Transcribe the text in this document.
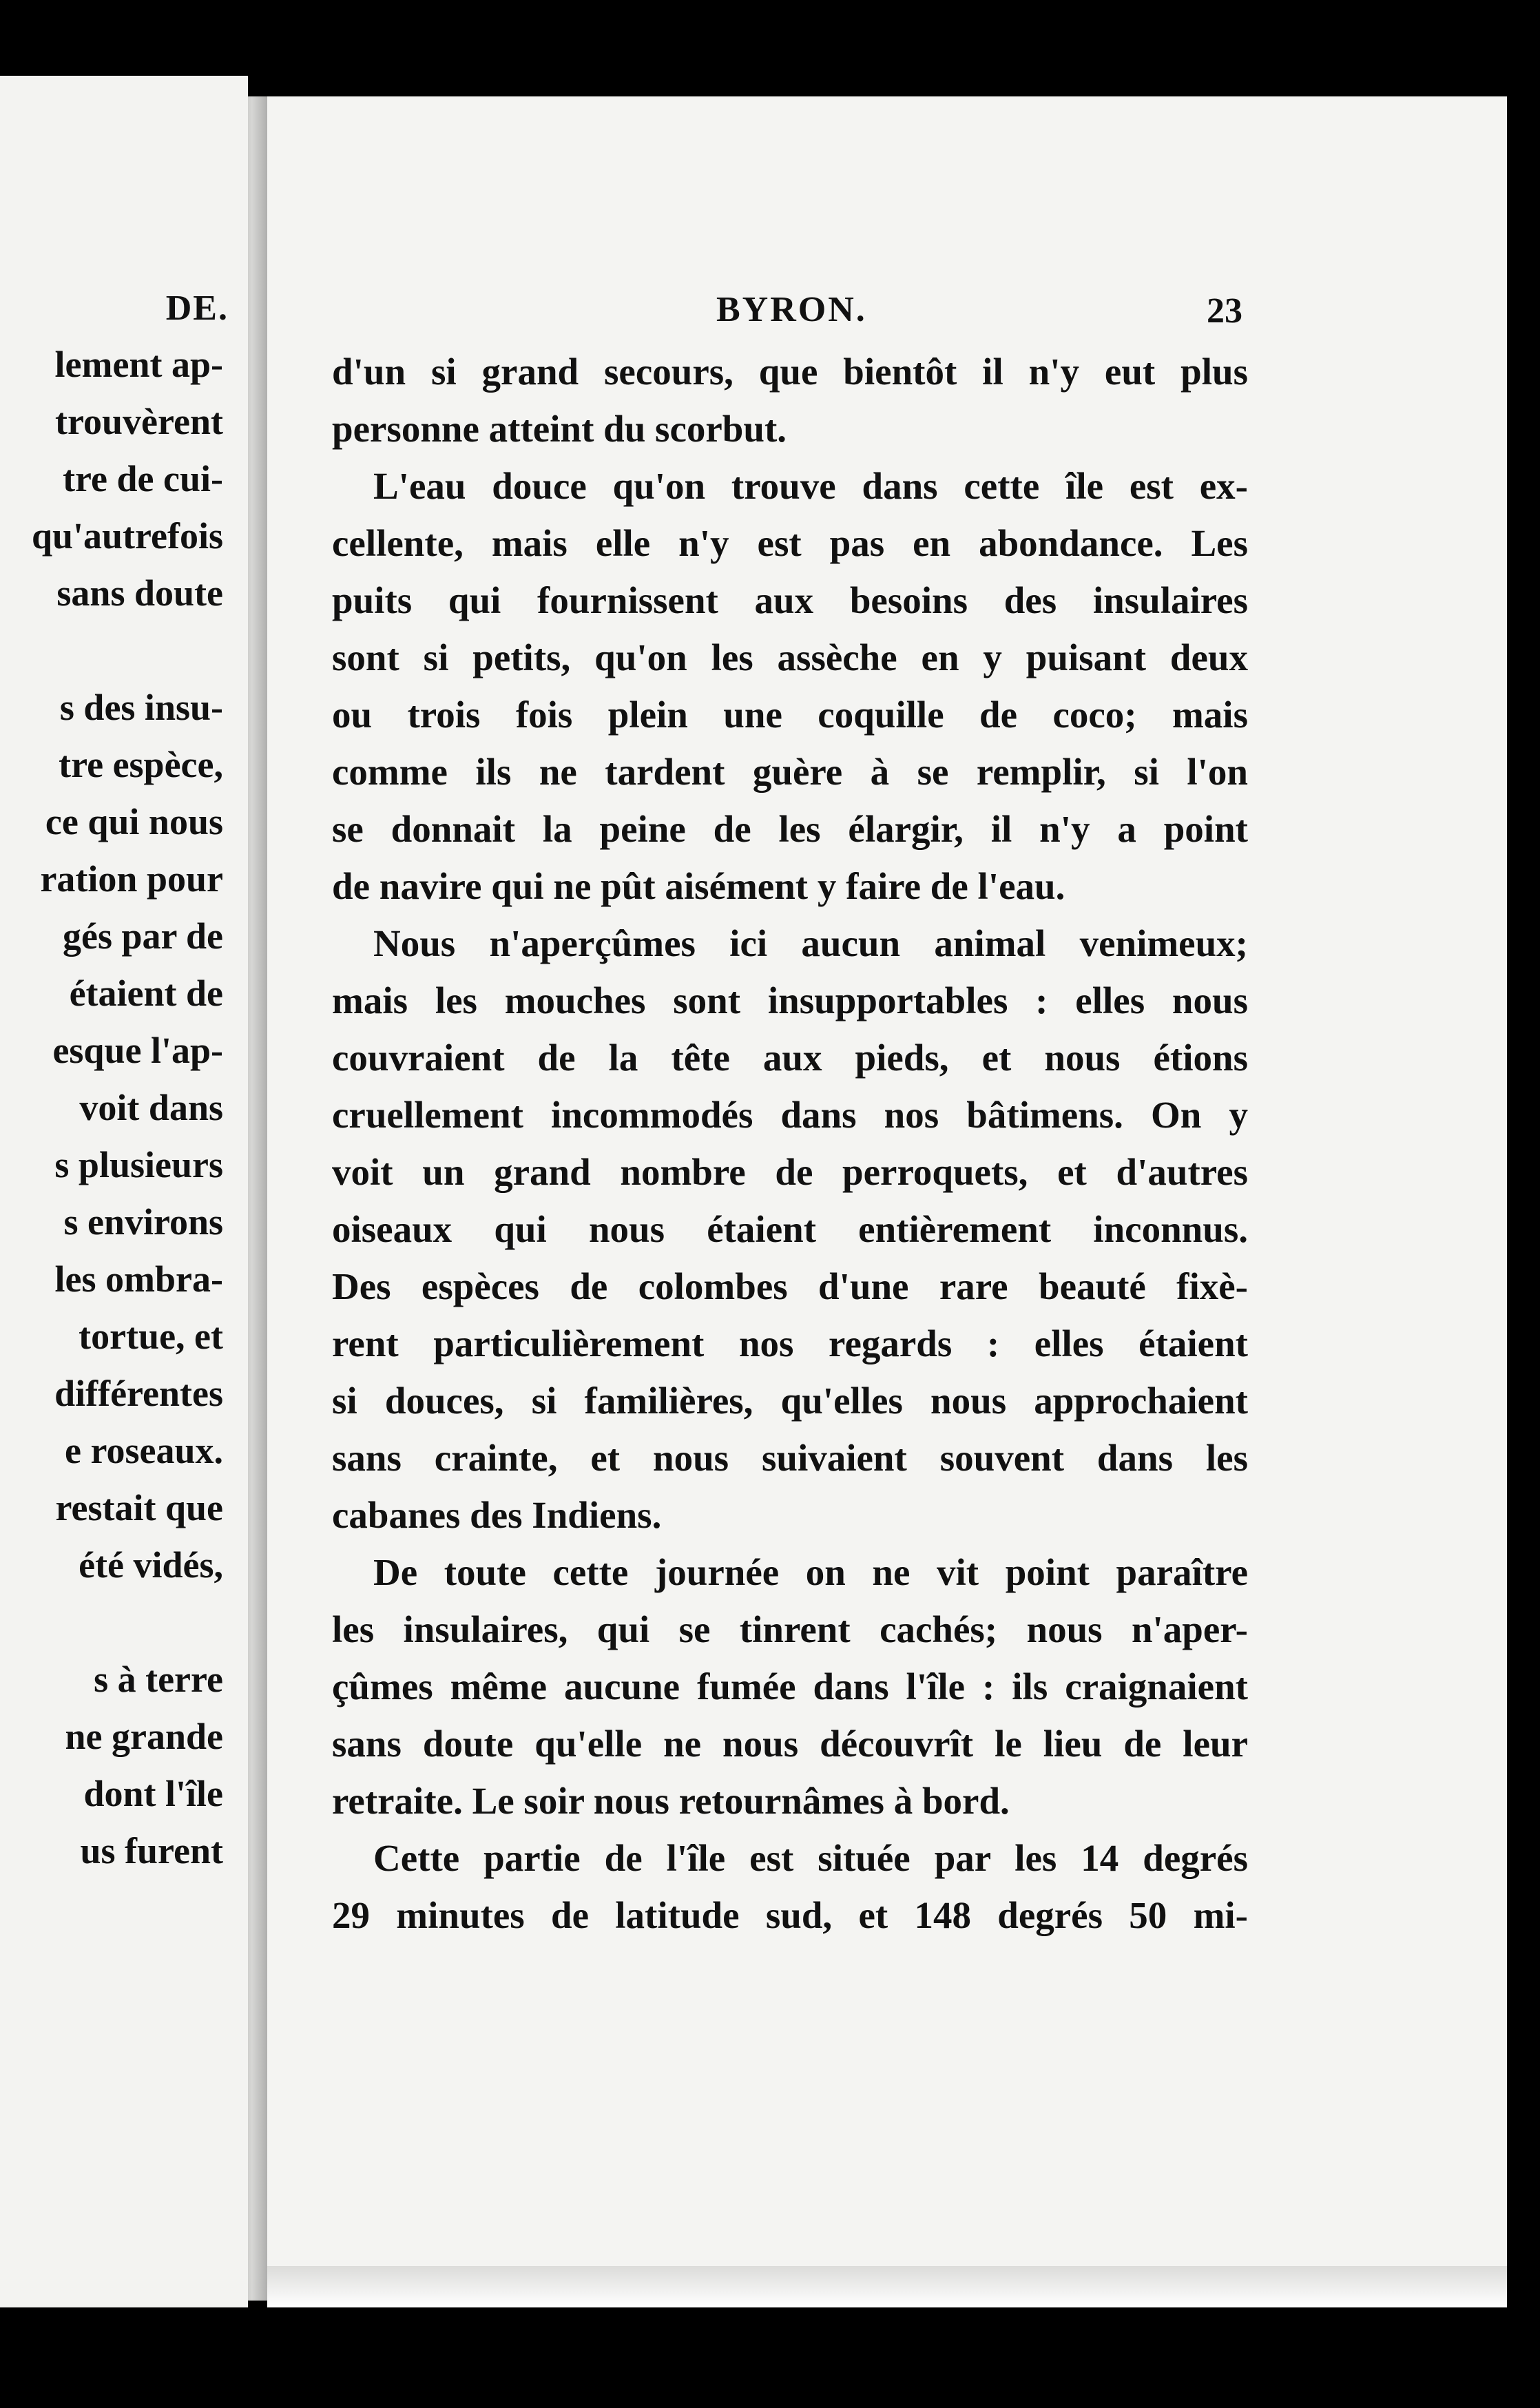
DE.
lement ap-
trouvèrent
tre de cui-
qu'autrefois
sans doute

s des insu-
tre espèce,
ce qui nous
ration pour
gés par de
étaient de
esque l'ap-
voit dans
s plusieurs
s environs
les ombra-
tortue, et
différentes
e roseaux.
restait que
été vidés,

s à terre
ne grande
dont l'île
us furent
BYRON.	23
d'un si grand secours, que bientôt il n'y eut plus
personne atteint du scorbut.
L'eau douce qu'on trouve dans cette île est ex-
cellente, mais elle n'y est pas en abondance. Les
puits qui fournissent aux besoins des insulaires
sont si petits, qu'on les assèche en y puisant deux
ou trois fois plein une coquille de coco; mais
comme ils ne tardent guère à se remplir, si l'on
se donnait la peine de les élargir, il n'y a point
de navire qui ne pût aisément y faire de l'eau.
Nous n'aperçûmes ici aucun animal venimeux;
mais les mouches sont insupportables : elles nous
couvraient de la tête aux pieds, et nous étions
cruellement incommodés dans nos bâtimens. On y
voit un grand nombre de perroquets, et d'autres
oiseaux qui nous étaient entièrement inconnus.
Des espèces de colombes d'une rare beauté fixè-
rent particulièrement nos regards : elles étaient
si douces, si familières, qu'elles nous approchaient
sans crainte, et nous suivaient souvent dans les
cabanes des Indiens.
De toute cette journée on ne vit point paraître
les insulaires, qui se tinrent cachés; nous n'aper-
çûmes même aucune fumée dans l'île : ils craignaient
sans doute qu'elle ne nous découvrît le lieu de leur
retraite. Le soir nous retournâmes à bord.
Cette partie de l'île est située par les 14 degrés
29 minutes de latitude sud, et 148 degrés 50 mi-
